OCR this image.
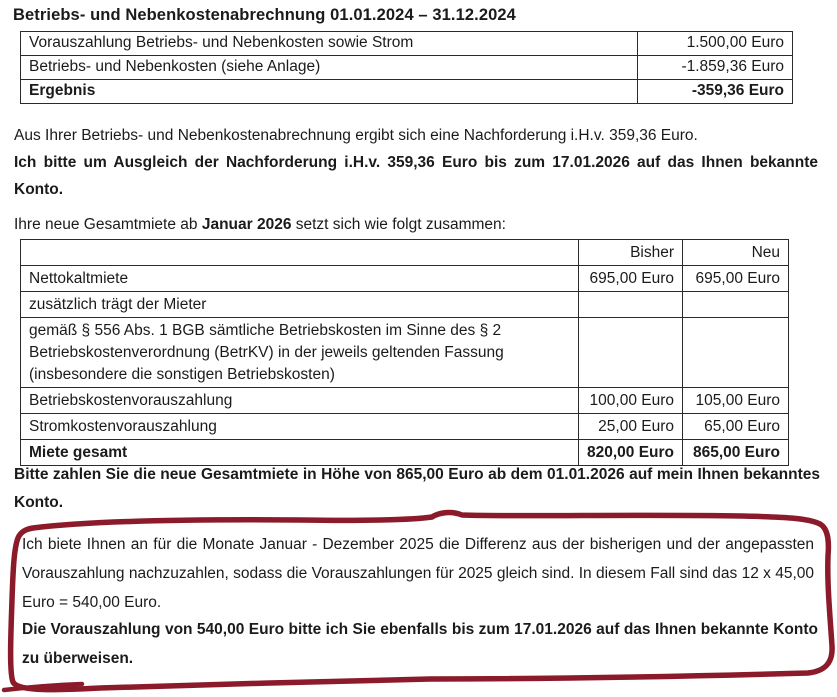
Betriebs- und Nebenkostenabrechnung 01.01.2024 – 31.12.2024
Vorauszahlung Betriebs- und Nebenkosten sowie Strom	1.500,00 Euro
Betriebs- und Nebenkosten (siehe Anlage)	-1.859,36 Euro
Ergebnis	-359,36 Euro
Aus Ihrer Betriebs- und Nebenkostenabrechnung ergibt sich eine Nachforderung i.H.v. 359,36 Euro.
Ich bitte um Ausgleich der Nachforderung i.H.v. 359,36 Euro bis zum 17.01.2026 auf das Ihnen bekannte Konto.
Ihre neue Gesamtmiete ab Januar 2026 setzt sich wie folgt zusammen:
	Bisher	Neu
Nettokaltmiete	695,00 Euro	695,00 Euro
zusätzlich trägt der Mieter		
gemäß § 556 Abs. 1 BGB sämtliche Betriebskosten im Sinne des § 2 Betriebskostenverordnung (BetrKV) in der jeweils geltenden Fassung (insbesondere die sonstigen Betriebskosten)		
Betriebskostenvorauszahlung	100,00 Euro	105,00 Euro
Stromkostenvorauszahlung	25,00 Euro	65,00 Euro
Miete gesamt	820,00 Euro	865,00 Euro
Bitte zahlen Sie die neue Gesamtmiete in Höhe von 865,00 Euro ab dem 01.01.2026 auf mein Ihnen bekanntes Konto.
Ich biete Ihnen an für die Monate Januar - Dezember 2025 die Differenz aus der bisherigen und der angepassten Vorauszahlung nachzuzahlen, sodass die Vorauszahlungen für 2025 gleich sind. In diesem Fall sind das 12 x 45,00 Euro = 540,00 Euro.
Die Vorauszahlung von 540,00 Euro bitte ich Sie ebenfalls bis zum 17.01.2026 auf das Ihnen bekannte Konto zu überweisen.
